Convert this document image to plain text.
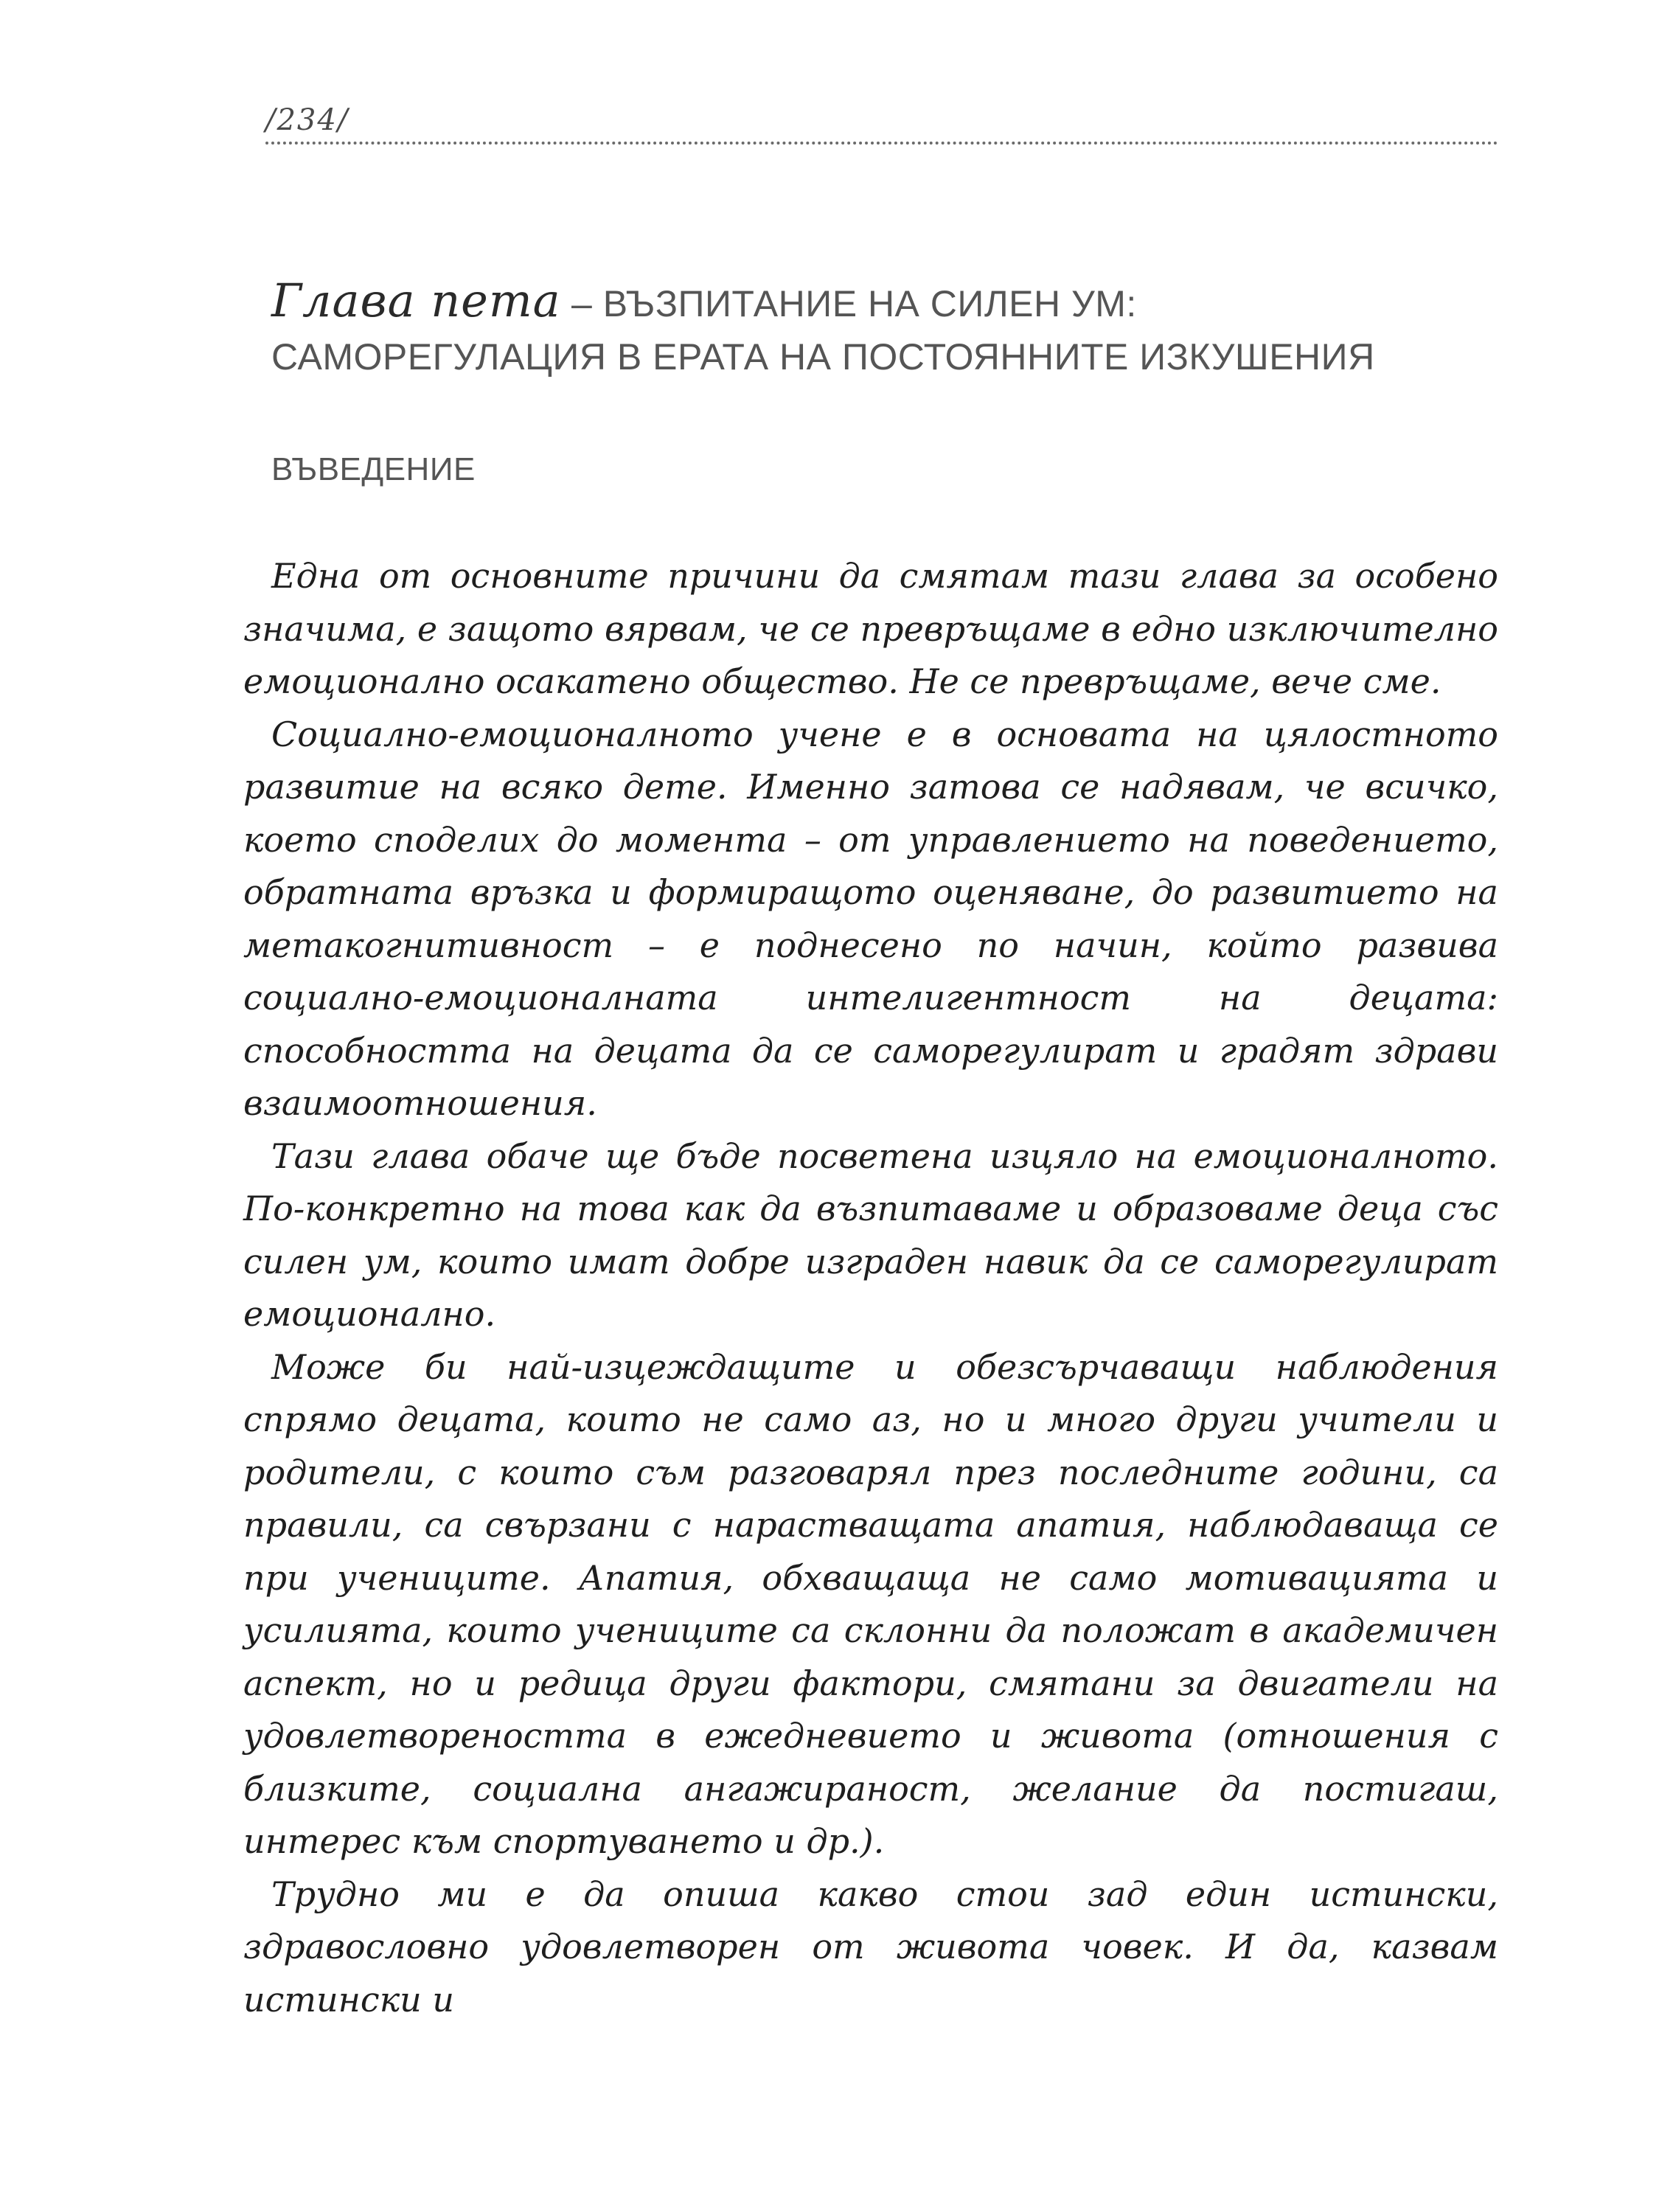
/234/
Глава пета – ВЪЗПИТАНИЕ НА СИЛЕН УМ:
САМОРЕГУЛАЦИЯ В ЕРАТА НА ПОСТОЯННИТЕ ИЗКУШЕНИЯ
ВЪВЕДЕНИЕ

Една от основните причини да смятам тази глава за особено значима, е защото вярвам, че се превръщаме в едно изключително емоционално осакатено общество. Не се превръщаме, вече сме.

Социално-емоционалното учене е в основата на цялостното развитие на всяко дете. Именно затова се надявам, че всичко, което споделих до момента – от управлението на поведението, обратната връзка и формиращото оценяване, до развитието на метакогнитивност – е поднесено по начин, който развива социално-емоционалната интелигентност на децата: способността на децата да се саморегулират и градят здрави взаимоотношения.

Тази глава обаче ще бъде посветена изцяло на емоционалното. По-конкретно на това как да възпитаваме и образоваме деца със силен ум, които имат добре изграден навик да се саморегулират емоционално.

Може би най-изцеждащите и обезсърчаващи наблюдения спрямо децата, които не само аз, но и много други учители и родители, с които съм разговарял през последните години, са правили, са свързани с нарастващата апатия, наблюдаваща се при учениците. Апатия, обхващаща не само мотивацията и усилията, които учениците са склонни да положат в академичен аспект, но и редица други фактори, смятани за двигатели на удовлетвореността в ежедневието и живота (отношения с близките, социална ангажираност, желание да постигаш, интерес към спортуването и др.).

Трудно ми е да опиша какво стои зад един истински, здравословно удовлетворен от живота човек. И да, казвам истински и
